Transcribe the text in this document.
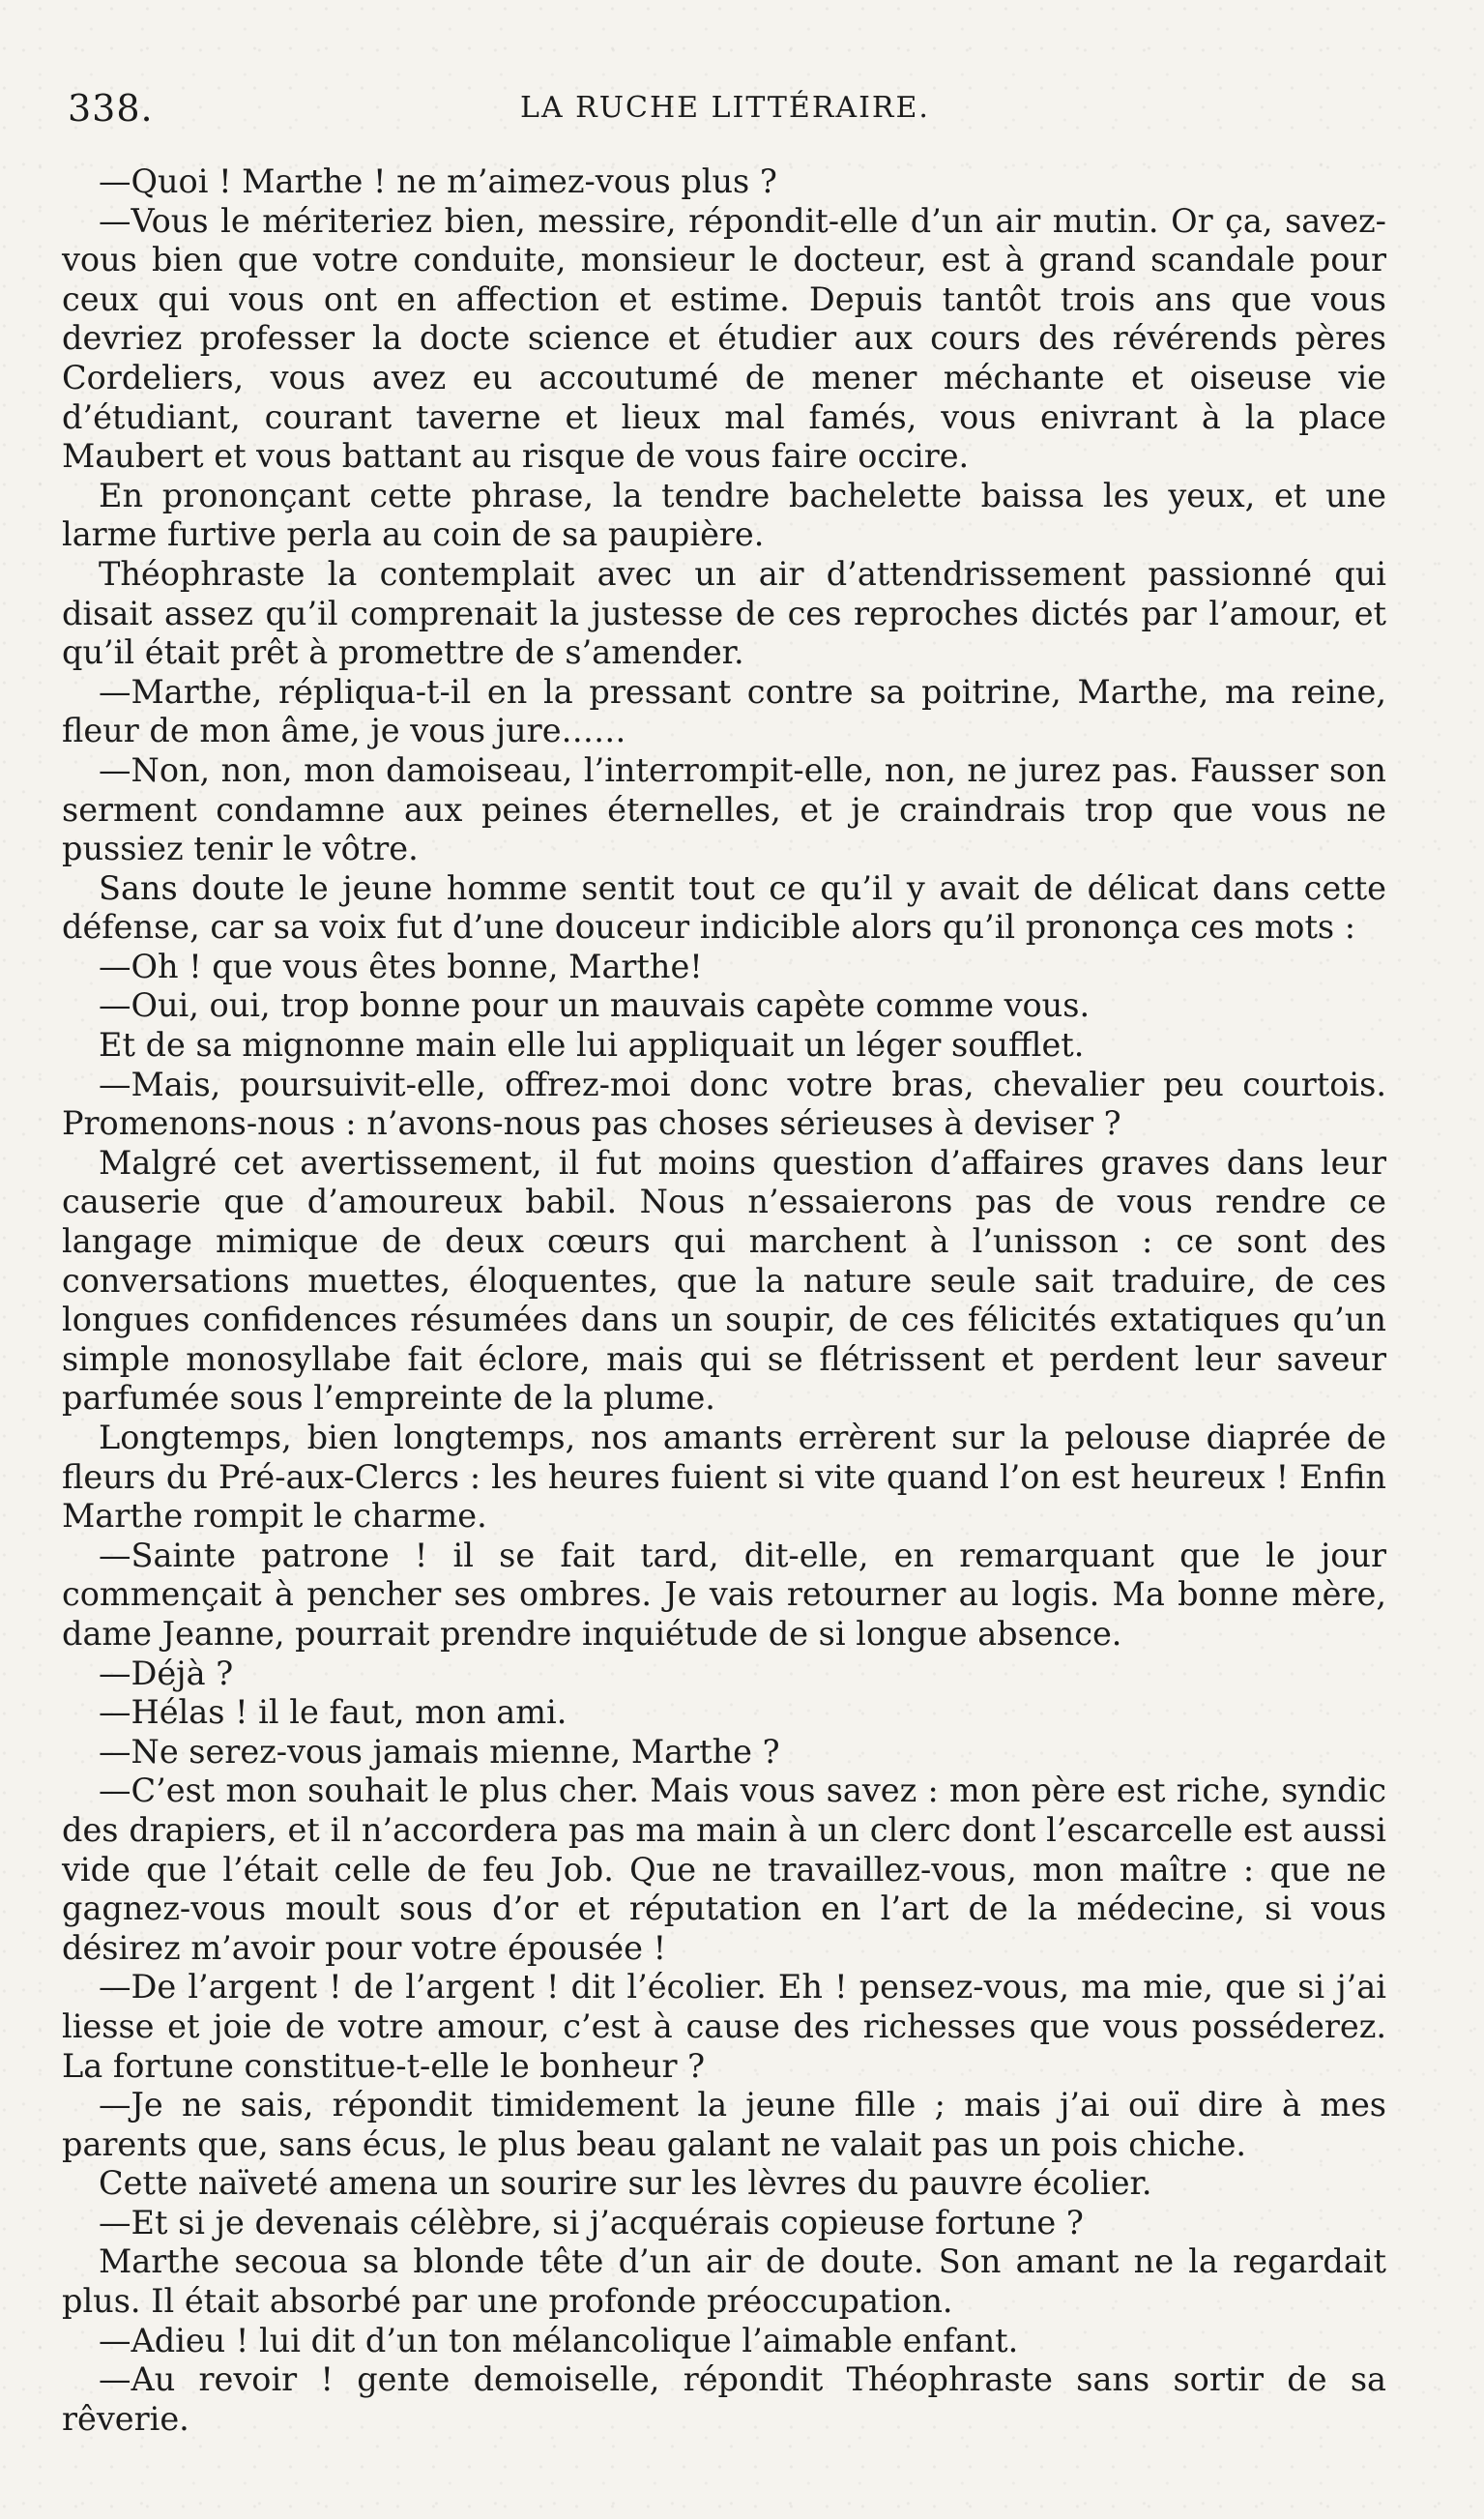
338.	LA RUCHE LITTÉRAIRE.

—Quoi ! Marthe ! ne m’aimez-vous plus ?

—Vous le mériteriez bien, messire, répondit-elle d’un air mutin. Or ça, savez-vous bien que votre conduite, monsieur le docteur, est à grand scandale pour ceux qui vous ont en affection et estime. Depuis tantôt trois ans que vous devriez professer la docte science et étudier aux cours des révérends pères Cordeliers, vous avez eu accoutumé de mener méchante et oiseuse vie d’étudiant, courant taverne et lieux mal famés, vous enivrant à la place Maubert et vous battant au risque de vous faire occire.

En prononçant cette phrase, la tendre bachelette baissa les yeux, et une larme furtive perla au coin de sa paupière.

Théophraste la contemplait avec un air d’attendrissement passionné qui disait assez qu’il comprenait la justesse de ces reproches dictés par l’amour, et qu’il était prêt à promettre de s’amender.

—Marthe, répliqua-t-il en la pressant contre sa poitrine, Marthe, ma reine, fleur de mon âme, je vous jure……

—Non, non, mon damoiseau, l’interrompit-elle, non, ne jurez pas. Fausser son serment condamne aux peines éternelles, et je craindrais trop que vous ne pussiez tenir le vôtre.

Sans doute le jeune homme sentit tout ce qu’il y avait de délicat dans cette défense, car sa voix fut d’une douceur indicible alors qu’il prononça ces mots :

—Oh ! que vous êtes bonne, Marthe!

—Oui, oui, trop bonne pour un mauvais capète comme vous.

Et de sa mignonne main elle lui appliquait un léger soufflet.

—Mais, poursuivit-elle, offrez-moi donc votre bras, chevalier peu courtois. Promenons-nous : n’avons-nous pas choses sérieuses à deviser ?

Malgré cet avertissement, il fut moins question d’affaires graves dans leur causerie que d’amoureux babil. Nous n’essaierons pas de vous rendre ce langage mimique de deux cœurs qui marchent à l’unisson : ce sont des conversations muettes, éloquentes, que la nature seule sait traduire, de ces longues confidences résumées dans un soupir, de ces félicités extatiques qu’un simple monosyllabe fait éclore, mais qui se flétrissent et perdent leur saveur parfumée sous l’empreinte de la plume.

Longtemps, bien longtemps, nos amants errèrent sur la pelouse diaprée de fleurs du Pré-aux-Clercs : les heures fuient si vite quand l’on est heureux ! Enfin Marthe rompit le charme.

—Sainte patrone ! il se fait tard, dit-elle, en remarquant que le jour commençait à pencher ses ombres. Je vais retourner au logis. Ma bonne mère, dame Jeanne, pourrait prendre inquiétude de si longue absence.

—Déjà ?

—Hélas ! il le faut, mon ami.

—Ne serez-vous jamais mienne, Marthe ?

—C’est mon souhait le plus cher. Mais vous savez : mon père est riche, syndic des drapiers, et il n’accordera pas ma main à un clerc dont l’escarcelle est aussi vide que l’était celle de feu Job. Que ne travaillez-vous, mon maître : que ne gagnez-vous moult sous d’or et réputation en l’art de la médecine, si vous désirez m’avoir pour votre épousée !

—De l’argent ! de l’argent ! dit l’écolier. Eh ! pensez-vous, ma mie, que si j’ai liesse et joie de votre amour, c’est à cause des richesses que vous posséderez. La fortune constitue-t-elle le bonheur ?

—Je ne sais, répondit timidement la jeune fille ; mais j’ai ouï dire à mes parents que, sans écus, le plus beau galant ne valait pas un pois chiche.

Cette naïveté amena un sourire sur les lèvres du pauvre écolier.

—Et si je devenais célèbre, si j’acquérais copieuse fortune ?

Marthe secoua sa blonde tête d’un air de doute. Son amant ne la regardait plus. Il était absorbé par une profonde préoccupation.

—Adieu ! lui dit d’un ton mélancolique l’aimable enfant.

—Au revoir ! gente demoiselle, répondit Théophraste sans sortir de sa rêverie.
